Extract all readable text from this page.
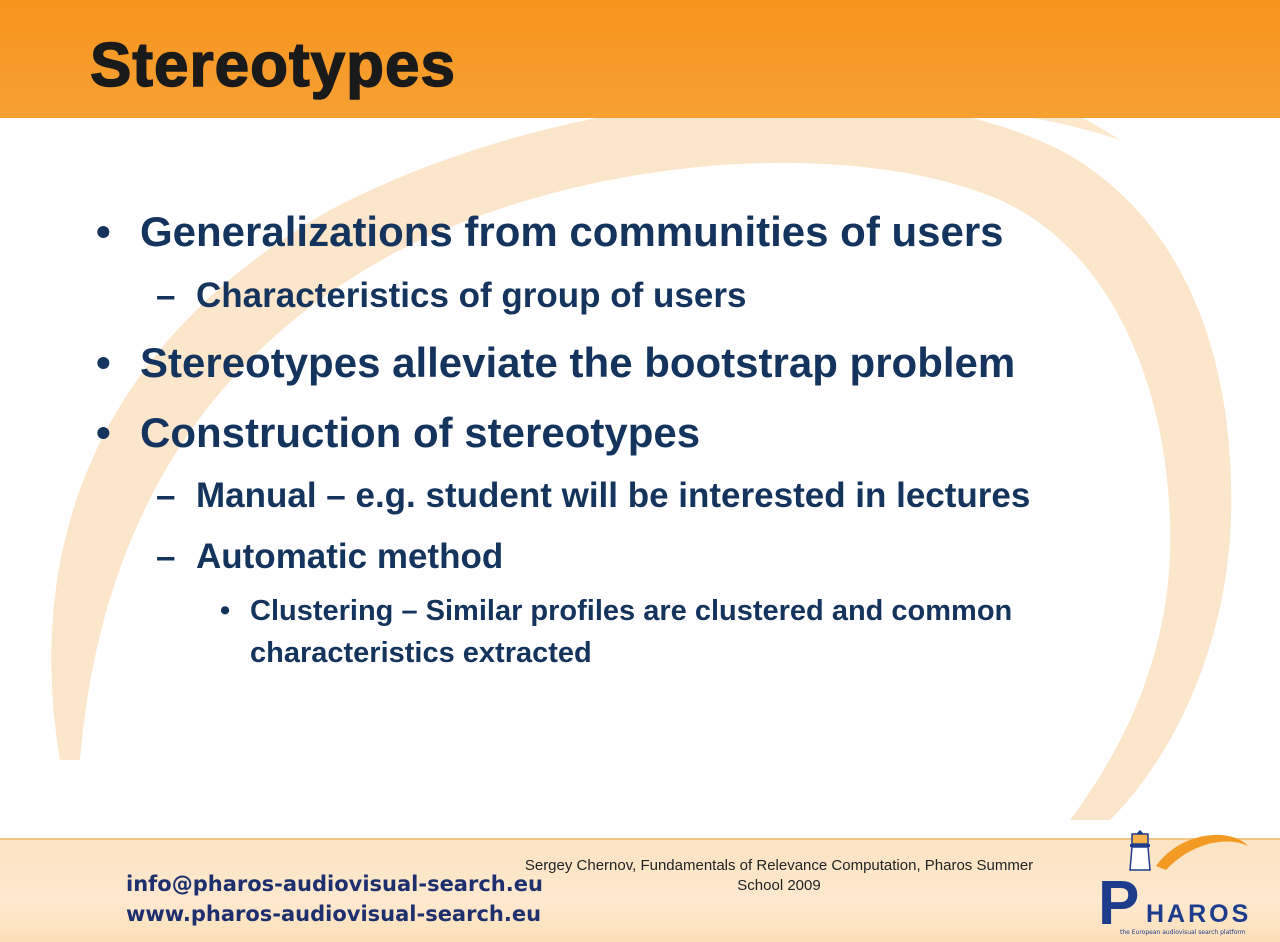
Stereotypes
• Generalizations from communities of users
– Characteristics of group of users
• Stereotypes alleviate the bootstrap problem
• Construction of stereotypes
– Manual – e.g. student will be interested in lectures
– Automatic method
• Clustering – Similar profiles are clustered and common
characteristics extracted
info@pharos-audiovisual-search.eu
www.pharos-audiovisual-search.eu
Sergey Chernov, Fundamentals of Relevance Computation, Pharos Summer
School 2009	P HAROS
the European audiovisual search platform
